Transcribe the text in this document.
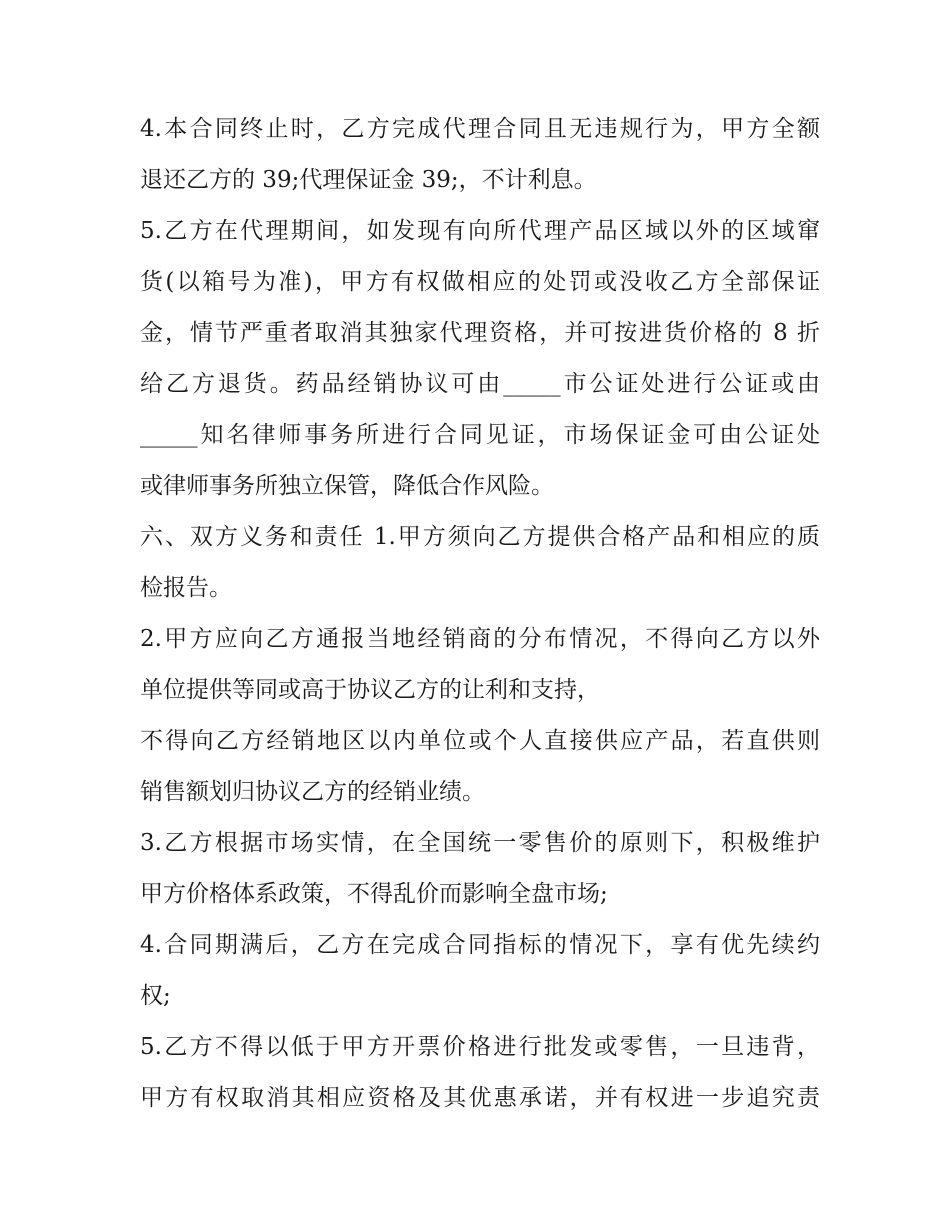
4.本合同终止时，乙方完成代理合同且无违规行为，甲方全额
退还乙方的 39;代理保证金 39;，不计利息。
5.乙方在代理期间，如发现有向所代理产品区域以外的区域窜
货(以箱号为准)，甲方有权做相应的处罚或没收乙方全部保证
金，情节严重者取消其独家代理资格，并可按进货价格的 8 折
给乙方退货。药品经销协议可由_____市公证处进行公证或由
_____知名律师事务所进行合同见证，市场保证金可由公证处
或律师事务所独立保管，降低合作风险。
六、双方义务和责任 1.甲方须向乙方提供合格产品和相应的质
检报告。
2.甲方应向乙方通报当地经销商的分布情况，不得向乙方以外
单位提供等同或高于协议乙方的让利和支持，
不得向乙方经销地区以内单位或个人直接供应产品，若直供则
销售额划归协议乙方的经销业绩。
3.乙方根据市场实情，在全国统一零售价的原则下，积极维护
甲方价格体系政策，不得乱价而影响全盘市场;
4.合同期满后，乙方在完成合同指标的情况下，享有优先续约
权;
5.乙方不得以低于甲方开票价格进行批发或零售，一旦违背，
甲方有权取消其相应资格及其优惠承诺，并有权进一步追究责
